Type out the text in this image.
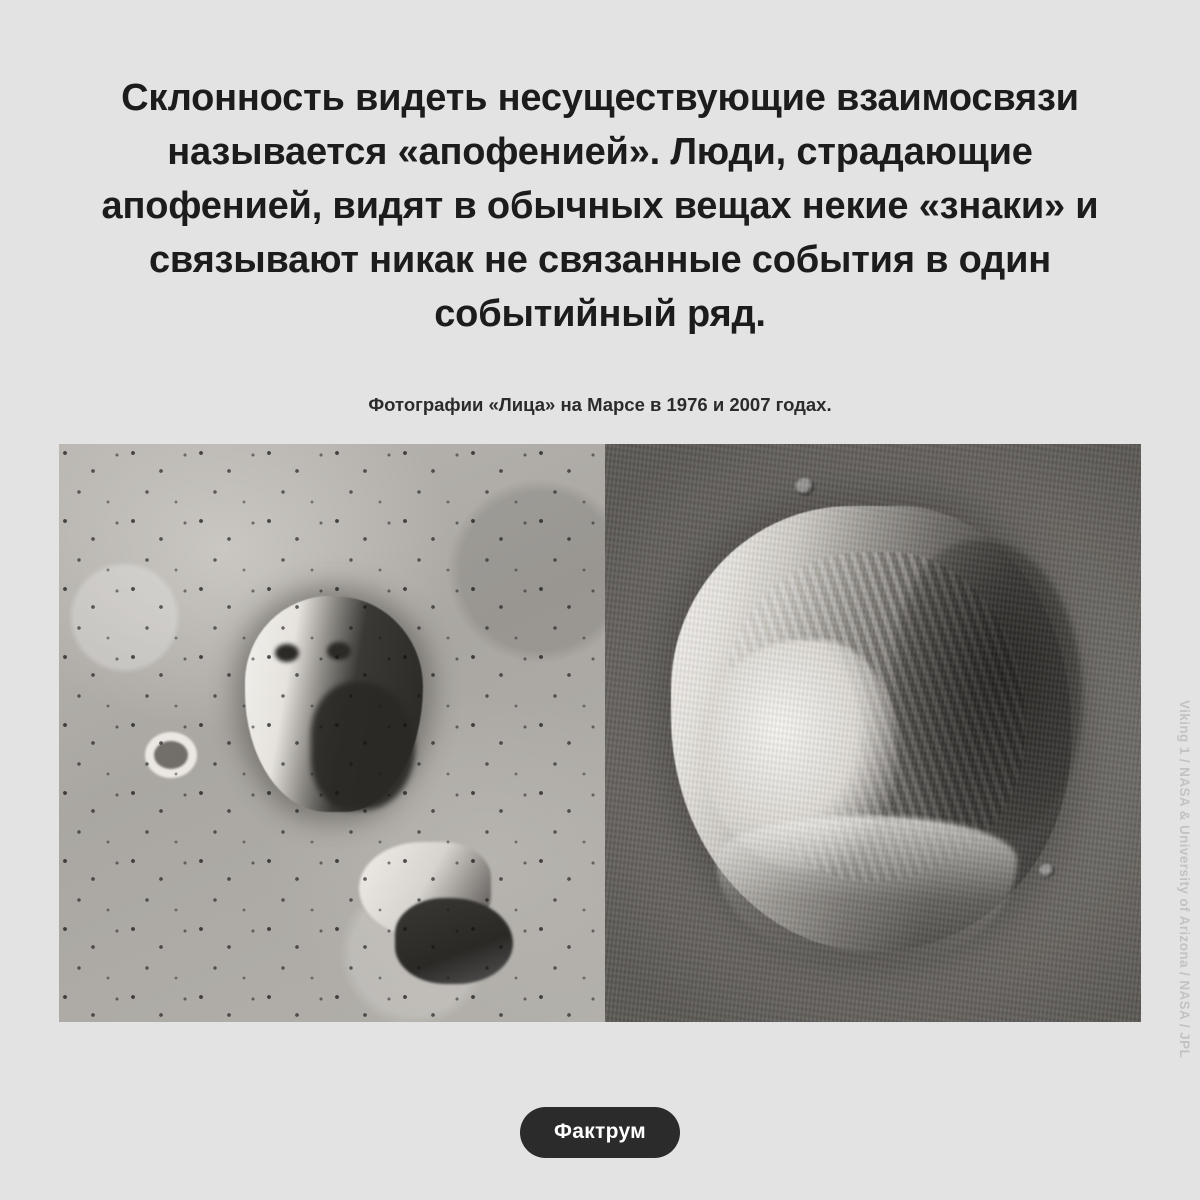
Склонность видеть несуществующие взаимосвязи называется «апофенией». Люди, страдающие апофенией, видят в обычных вещах некие «знаки» и связывают никак не связанные события в один событийный ряд.
Фотографии «Лица» на Марсе в 1976 и 2007 годах.
Viking 1 / NASA & University of Arizona / NASA / JPL
Фактрум
